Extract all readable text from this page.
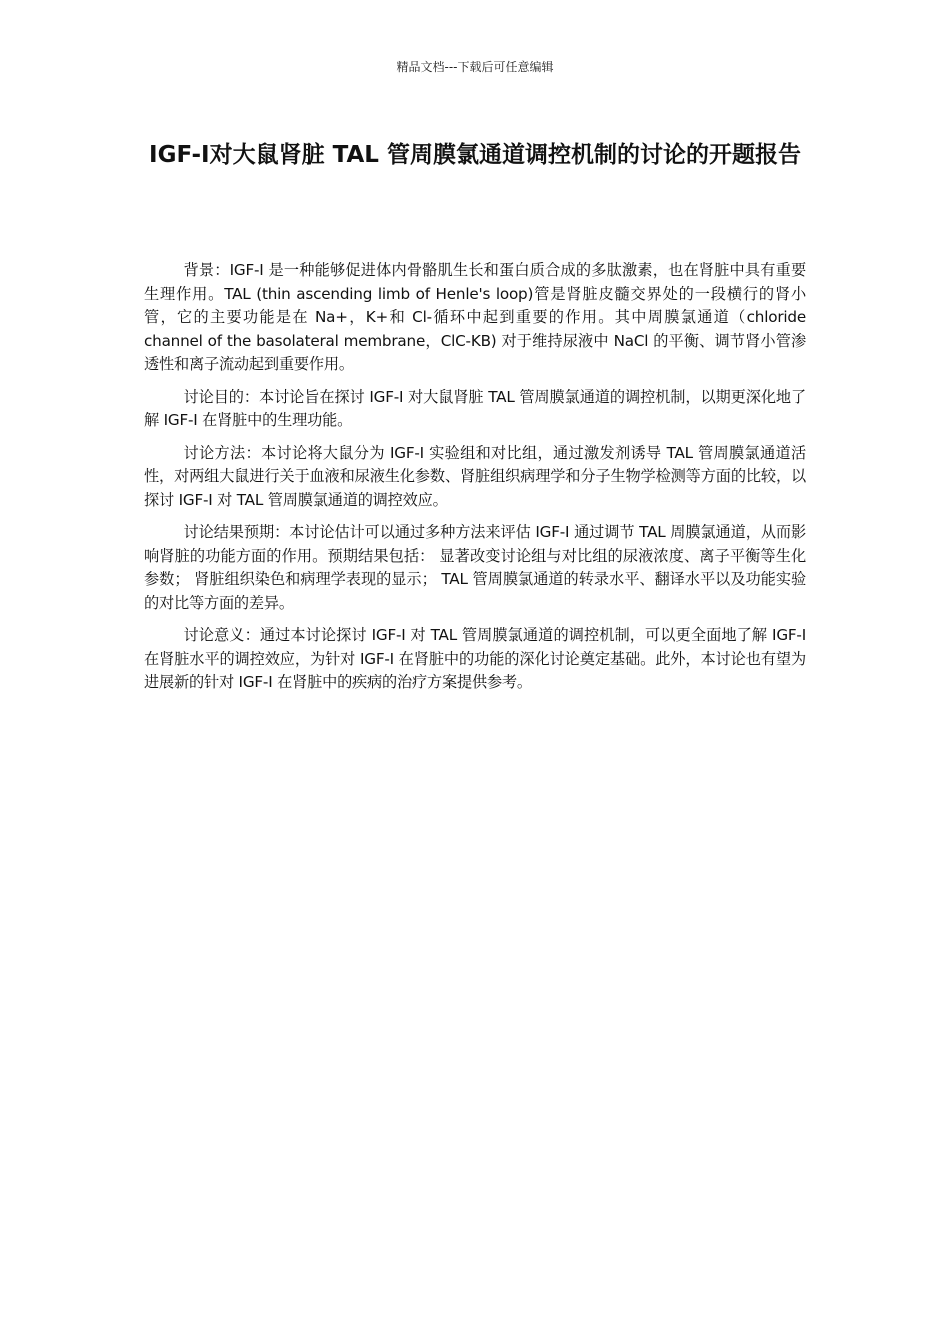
精品文档---下载后可任意编辑
IGF-Ⅰ对大鼠肾脏 TAL 管周膜氯通道调控机制的讨论的开题报告

背景：IGF-I 是一种能够促进体内骨骼肌生长和蛋白质合成的多肽激素，也在肾脏中具有重要生理作用。TAL (thin ascending limb of Henle's loop)管是肾脏皮髓交界处的一段横行的肾小管，它的主要功能是在 Na+，K+和 Cl-循环中起到重要的作用。其中周膜氯通道（chloride channel of the basolateral membrane，ClC-KB) 对于维持尿液中 NaCl 的平衡、调节肾小管渗透性和离子流动起到重要作用。

讨论目的：本讨论旨在探讨 IGF-I 对大鼠肾脏 TAL 管周膜氯通道的调控机制，以期更深化地了解 IGF-I 在肾脏中的生理功能。

讨论方法：本讨论将大鼠分为 IGF-I 实验组和对比组，通过激发剂诱导 TAL 管周膜氯通道活性，对两组大鼠进行关于血液和尿液生化参数、肾脏组织病理学和分子生物学检测等方面的比较，以探讨 IGF-I 对 TAL 管周膜氯通道的调控效应。

讨论结果预期：本讨论估计可以通过多种方法来评估 IGF-I 通过调节 TAL 周膜氯通道，从而影响肾脏的功能方面的作用。预期结果包括： 显著改变讨论组与对比组的尿液浓度、离子平衡等生化参数； 肾脏组织染色和病理学表现的显示； TAL 管周膜氯通道的转录水平、翻译水平以及功能实验的对比等方面的差异。

讨论意义：通过本讨论探讨 IGF-I 对 TAL 管周膜氯通道的调控机制，可以更全面地了解 IGF-I 在肾脏水平的调控效应，为针对 IGF-I 在肾脏中的功能的深化讨论奠定基础。此外，本讨论也有望为进展新的针对 IGF-I 在肾脏中的疾病的治疗方案提供参考。
